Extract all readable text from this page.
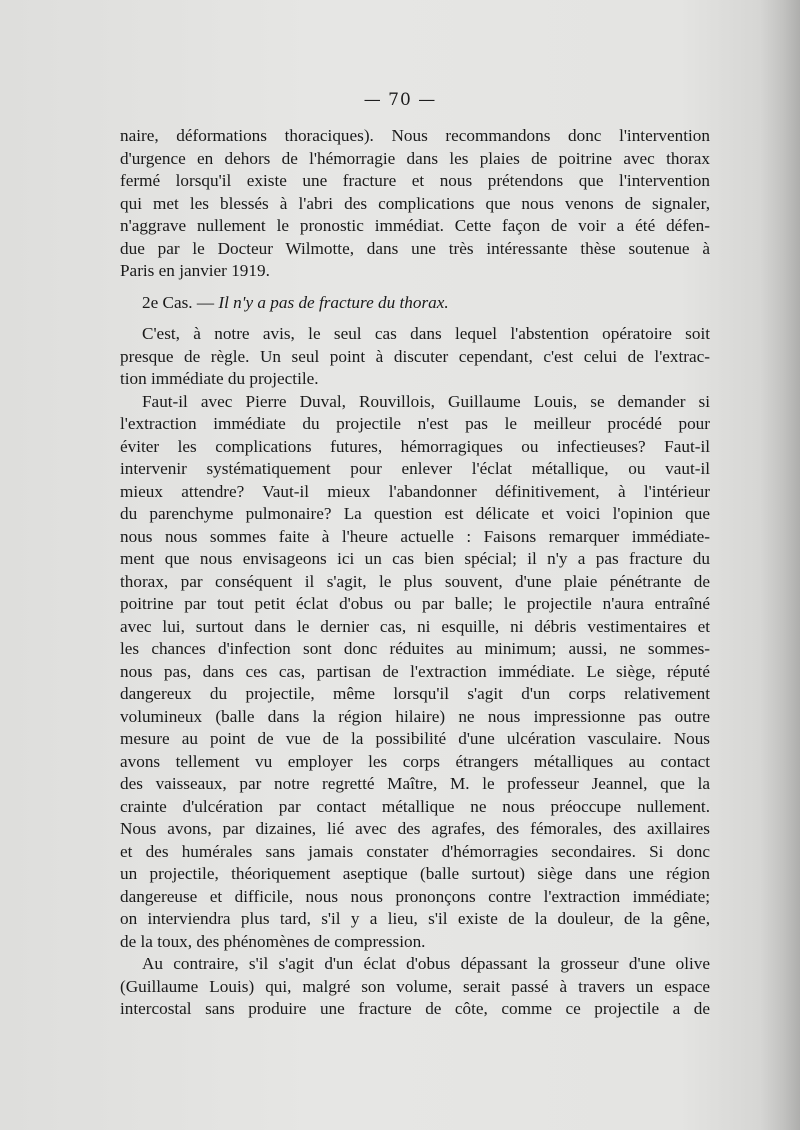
— 70 —
naire, déformations thoraciques). Nous recommandons donc l'intervention
d'urgence en dehors de l'hémorragie dans les plaies de poitrine avec thorax
fermé lorsqu'il existe une fracture et nous prétendons que l'intervention
qui met les blessés à l'abri des complications que nous venons de signaler,
n'aggrave nullement le pronostic immédiat. Cette façon de voir a été défen-
due par le Docteur Wilmotte, dans une très intéressante thèse soutenue à
Paris en janvier 1919.
2e Cas. — Il n'y a pas de fracture du thorax.
C'est, à notre avis, le seul cas dans lequel l'abstention opératoire soit
presque de règle. Un seul point à discuter cependant, c'est celui de l'extrac-
tion immédiate du projectile.
Faut-il avec Pierre Duval, Rouvillois, Guillaume Louis, se demander si
l'extraction immédiate du projectile n'est pas le meilleur procédé pour
éviter les complications futures, hémorragiques ou infectieuses? Faut-il
intervenir systématiquement pour enlever l'éclat métallique, ou vaut-il
mieux attendre? Vaut-il mieux l'abandonner définitivement, à l'intérieur
du parenchyme pulmonaire? La question est délicate et voici l'opinion que
nous nous sommes faite à l'heure actuelle : Faisons remarquer immédiate-
ment que nous envisageons ici un cas bien spécial; il n'y a pas fracture du
thorax, par conséquent il s'agit, le plus souvent, d'une plaie pénétrante de
poitrine par tout petit éclat d'obus ou par balle; le projectile n'aura entraîné
avec lui, surtout dans le dernier cas, ni esquille, ni débris vestimentaires et
les chances d'infection sont donc réduites au minimum; aussi, ne sommes-
nous pas, dans ces cas, partisan de l'extraction immédiate. Le siège, réputé
dangereux du projectile, même lorsqu'il s'agit d'un corps relativement
volumineux (balle dans la région hilaire) ne nous impressionne pas outre
mesure au point de vue de la possibilité d'une ulcération vasculaire. Nous
avons tellement vu employer les corps étrangers métalliques au contact
des vaisseaux, par notre regretté Maître, M. le professeur Jeannel, que la
crainte d'ulcération par contact métallique ne nous préoccupe nullement.
Nous avons, par dizaines, lié avec des agrafes, des fémorales, des axillaires
et des humérales sans jamais constater d'hémorragies secondaires. Si donc
un projectile, théoriquement aseptique (balle surtout) siège dans une région
dangereuse et difficile, nous nous prononçons contre l'extraction immédiate;
on interviendra plus tard, s'il y a lieu, s'il existe de la douleur, de la gêne,
de la toux, des phénomènes de compression.
Au contraire, s'il s'agit d'un éclat d'obus dépassant la grosseur d'une olive
(Guillaume Louis) qui, malgré son volume, serait passé à travers un espace
intercostal sans produire une fracture de côte, comme ce projectile a de
